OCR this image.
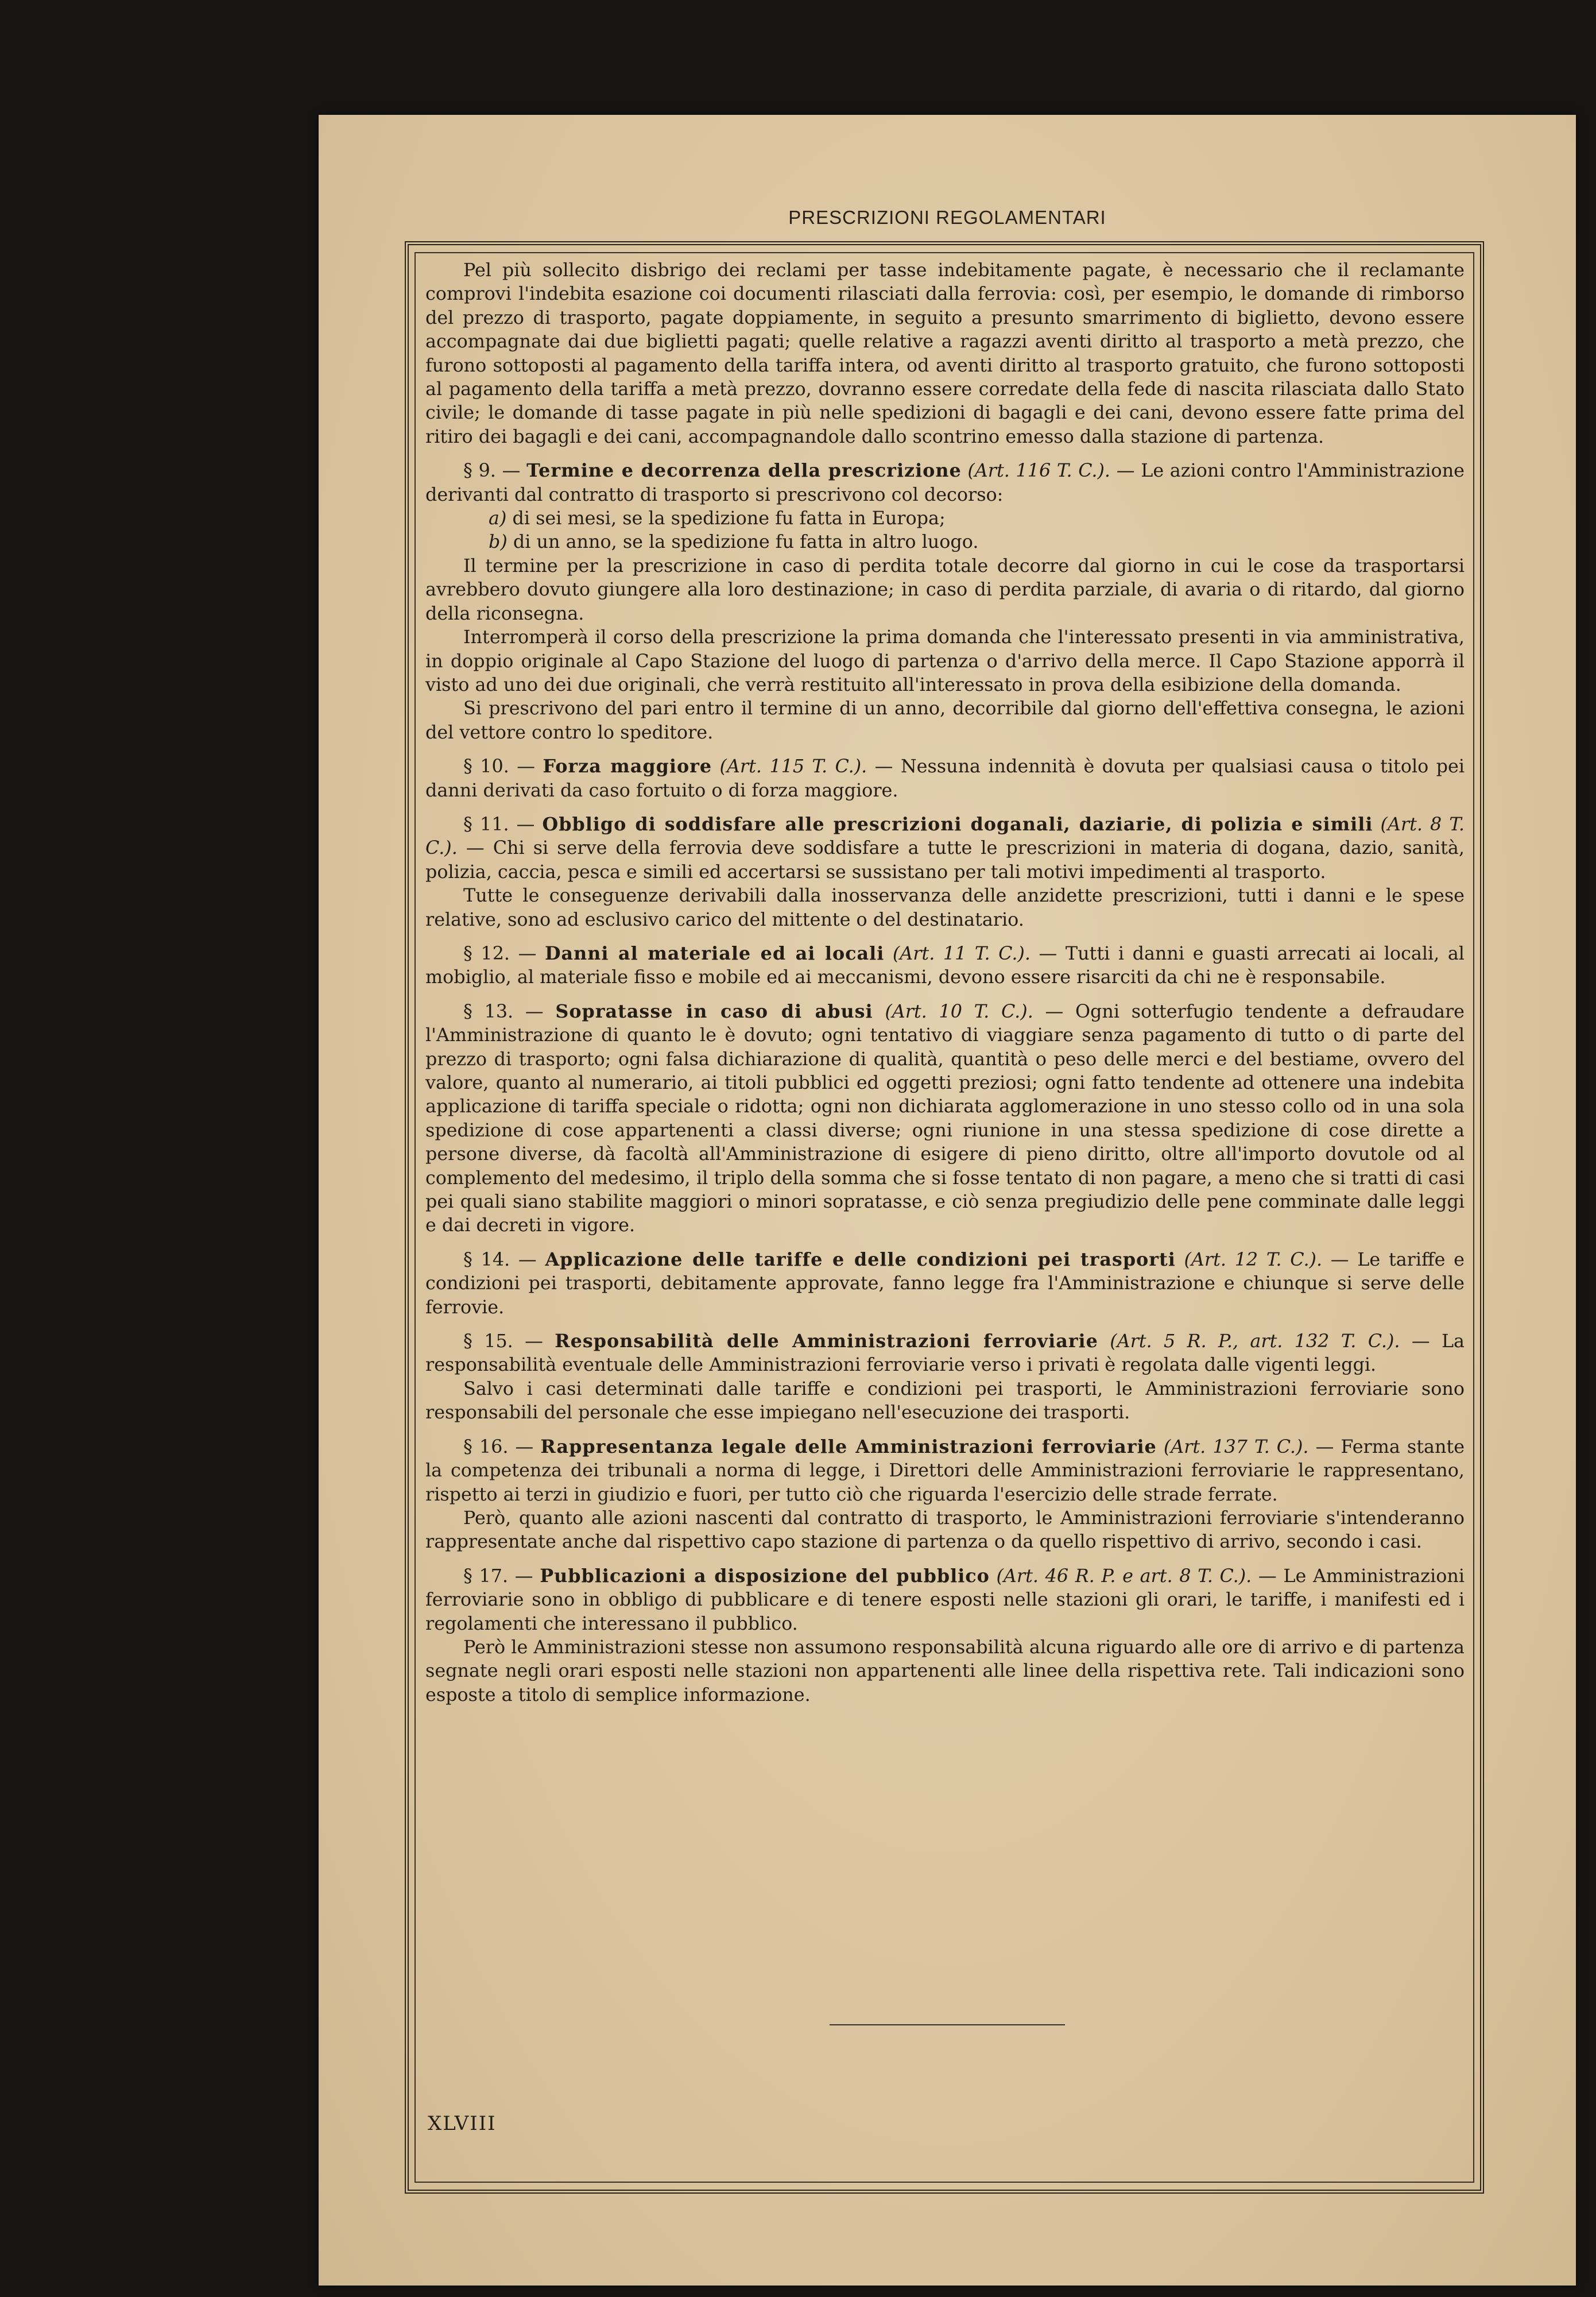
PRESCRIZIONI REGOLAMENTARI

Pel più sollecito disbrigo dei reclami per tasse indebitamente pagate, è necessario che il reclamante comprovi l'indebita esazione coi documenti rilasciati dalla ferrovia: così, per esempio, le domande di rimborso del prezzo di trasporto, pagate doppiamente, in seguito a presunto smarrimento di biglietto, devono essere accompagnate dai due biglietti pagati; quelle relative a ragazzi aventi diritto al trasporto a metà prezzo, che furono sottoposti al pagamento della tariffa intera, od aventi diritto al trasporto gratuito, che furono sottoposti al pagamento della tariffa a metà prezzo, dovranno essere corredate della fede di nascita rilasciata dallo Stato civile; le domande di tasse pagate in più nelle spedizioni di bagagli e dei cani, devono essere fatte prima del ritiro dei bagagli e dei cani, accompagnandole dallo scontrino emesso dalla stazione di partenza.

§ 9. — Termine e decorrenza della prescrizione (Art. 116 T. C.). — Le azioni contro l'Amministrazione derivanti dal contratto di trasporto si prescrivono col decorso:

a) di sei mesi, se la spedizione fu fatta in Europa;

b) di un anno, se la spedizione fu fatta in altro luogo.

Il termine per la prescrizione in caso di perdita totale decorre dal giorno in cui le cose da trasportarsi avrebbero dovuto giungere alla loro destinazione; in caso di perdita parziale, di avaria o di ritardo, dal giorno della riconsegna.

Interromperà il corso della prescrizione la prima domanda che l'interessato presenti in via amministrativa, in doppio originale al Capo Stazione del luogo di partenza o d'arrivo della merce. Il Capo Stazione apporrà il visto ad uno dei due originali, che verrà restituito all'interessato in prova della esibizione della domanda.

Si prescrivono del pari entro il termine di un anno, decorribile dal giorno dell'effettiva consegna, le azioni del vettore contro lo speditore.

§ 10. — Forza maggiore (Art. 115 T. C.). — Nessuna indennità è dovuta per qualsiasi causa o titolo pei danni derivati da caso fortuito o di forza maggiore.

§ 11. — Obbligo di soddisfare alle prescrizioni doganali, daziarie, di polizia e simili (Art. 8 T. C.). — Chi si serve della ferrovia deve soddisfare a tutte le prescrizioni in materia di dogana, dazio, sanità, polizia, caccia, pesca e simili ed accertarsi se sussistano per tali motivi impedimenti al trasporto.

Tutte le conseguenze derivabili dalla inosservanza delle anzidette prescrizioni, tutti i danni e le spese relative, sono ad esclusivo carico del mittente o del destinatario.

§ 12. — Danni al materiale ed ai locali (Art. 11 T. C.). — Tutti i danni e guasti arrecati ai locali, al mobiglio, al materiale fisso e mobile ed ai meccanismi, devono essere risarciti da chi ne è responsabile.

§ 13. — Sopratasse in caso di abusi (Art. 10 T. C.). — Ogni sotterfugio tendente a defraudare l'Amministrazione di quanto le è dovuto; ogni tentativo di viaggiare senza pagamento di tutto o di parte del prezzo di trasporto; ogni falsa dichiarazione di qualità, quantità o peso delle merci e del bestiame, ovvero del valore, quanto al numerario, ai titoli pubblici ed oggetti preziosi; ogni fatto tendente ad ottenere una indebita applicazione di tariffa speciale o ridotta; ogni non dichiarata agglomerazione in uno stesso collo od in una sola spedizione di cose appartenenti a classi diverse; ogni riunione in una stessa spedizione di cose dirette a persone diverse, dà facoltà all'Amministrazione di esigere di pieno diritto, oltre all'importo dovutole od al complemento del medesimo, il triplo della somma che si fosse tentato di non pagare, a meno che si tratti di casi pei quali siano stabilite maggiori o minori sopratasse, e ciò senza pregiudizio delle pene comminate dalle leggi e dai decreti in vigore.

§ 14. — Applicazione delle tariffe e delle condizioni pei trasporti (Art. 12 T. C.). — Le tariffe e condizioni pei trasporti, debitamente approvate, fanno legge fra l'Amministrazione e chiunque si serve delle ferrovie.

§ 15. — Responsabilità delle Amministrazioni ferroviarie (Art. 5 R. P., art. 132 T. C.). — La responsabilità eventuale delle Amministrazioni ferroviarie verso i privati è regolata dalle vigenti leggi.

Salvo i casi determinati dalle tariffe e condizioni pei trasporti, le Amministrazioni ferroviarie sono responsabili del personale che esse impiegano nell'esecuzione dei trasporti.

§ 16. — Rappresentanza legale delle Amministrazioni ferroviarie (Art. 137 T. C.). — Ferma stante la competenza dei tribunali a norma di legge, i Direttori delle Amministrazioni ferroviarie le rappresentano, rispetto ai terzi in giudizio e fuori, per tutto ciò che riguarda l'esercizio delle strade ferrate.

Però, quanto alle azioni nascenti dal contratto di trasporto, le Amministrazioni ferroviarie s'intenderanno rappresentate anche dal rispettivo capo stazione di partenza o da quello rispettivo di arrivo, secondo i casi.

§ 17. — Pubblicazioni a disposizione del pubblico (Art. 46 R. P. e art. 8 T. C.). — Le Amministrazioni ferroviarie sono in obbligo di pubblicare e di tenere esposti nelle stazioni gli orari, le tariffe, i manifesti ed i regolamenti che interessano il pubblico.

Però le Amministrazioni stesse non assumono responsabilità alcuna riguardo alle ore di arrivo e di partenza segnate negli orari esposti nelle stazioni non appartenenti alle linee della rispettiva rete. Tali indicazioni sono esposte a titolo di semplice informazione.

XLVIII
